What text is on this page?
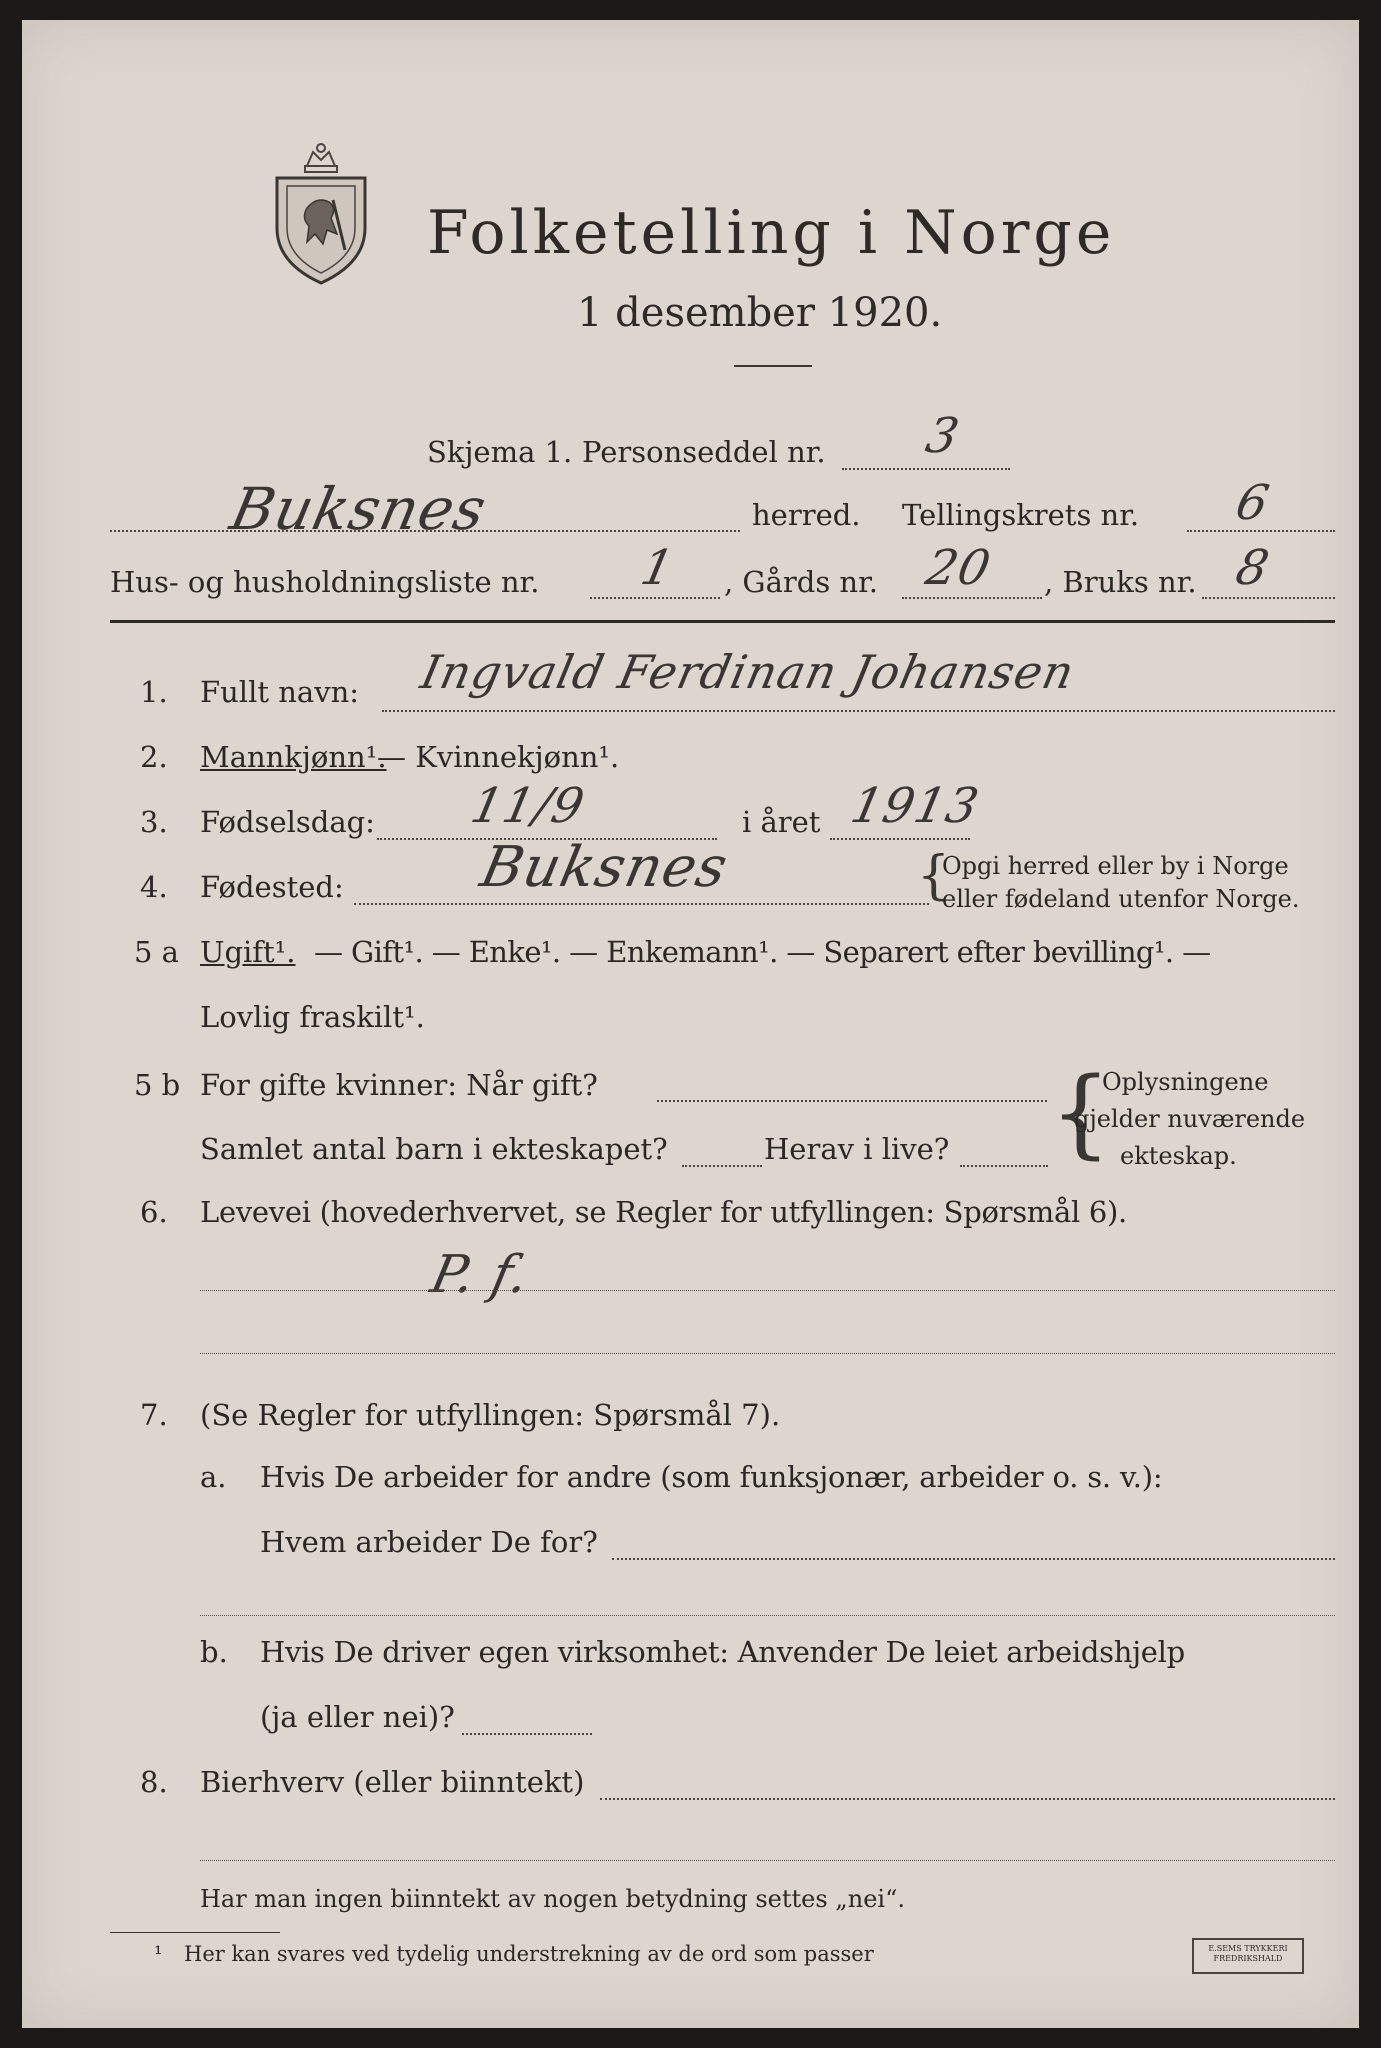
Folketelling i Norge
1 desember 1920.
Skjema 1. Personseddel nr. 3
Buksnes	herred. Tellingskrets nr. 6
Hus- og husholdningsliste nr. 1 , Gårds nr. 20 , Bruks nr. 8
1. Fullt navn: Ingvald Ferdinan Johansen
2. Mannkjønn¹.
— Kvinnekjønn¹.
3. Fødselsdag: 11/9	i året 1913
4. Fødested: Buksnes	{
Opgi herred eller by i Norge
eller fødeland utenfor Norge.
5 a Ugift¹. — Gift¹. — Enke¹. — Enkemann¹. — Separert efter bevilling¹. —
Lovlig fraskilt¹.
5 b For gifte kvinner: Når gift?
Samlet antal barn i ekteskapet?	Herav i live? {
Oplysningene
gjelder nuværende
ekteskap.
6. Levevei (hovederhvervet, se Regler for utfyllingen: Spørsmål 6).
P. f.
7. (Se Regler for utfyllingen: Spørsmål 7).
a. Hvis De arbeider for andre (som funksjonær, arbeider o. s. v.):
Hvem arbeider De for?
b. Hvis De driver egen virksomhet: Anvender De leiet arbeidshjelp
(ja eller nei)?
8. Bierhverv (eller biinntekt)
Har man ingen biinntekt av nogen betydning settes „nei“.
¹ Her kan svares ved tydelig understrekning av de ord som passer	E.SEMS TRYKKERI
FREDRIKSHALD
